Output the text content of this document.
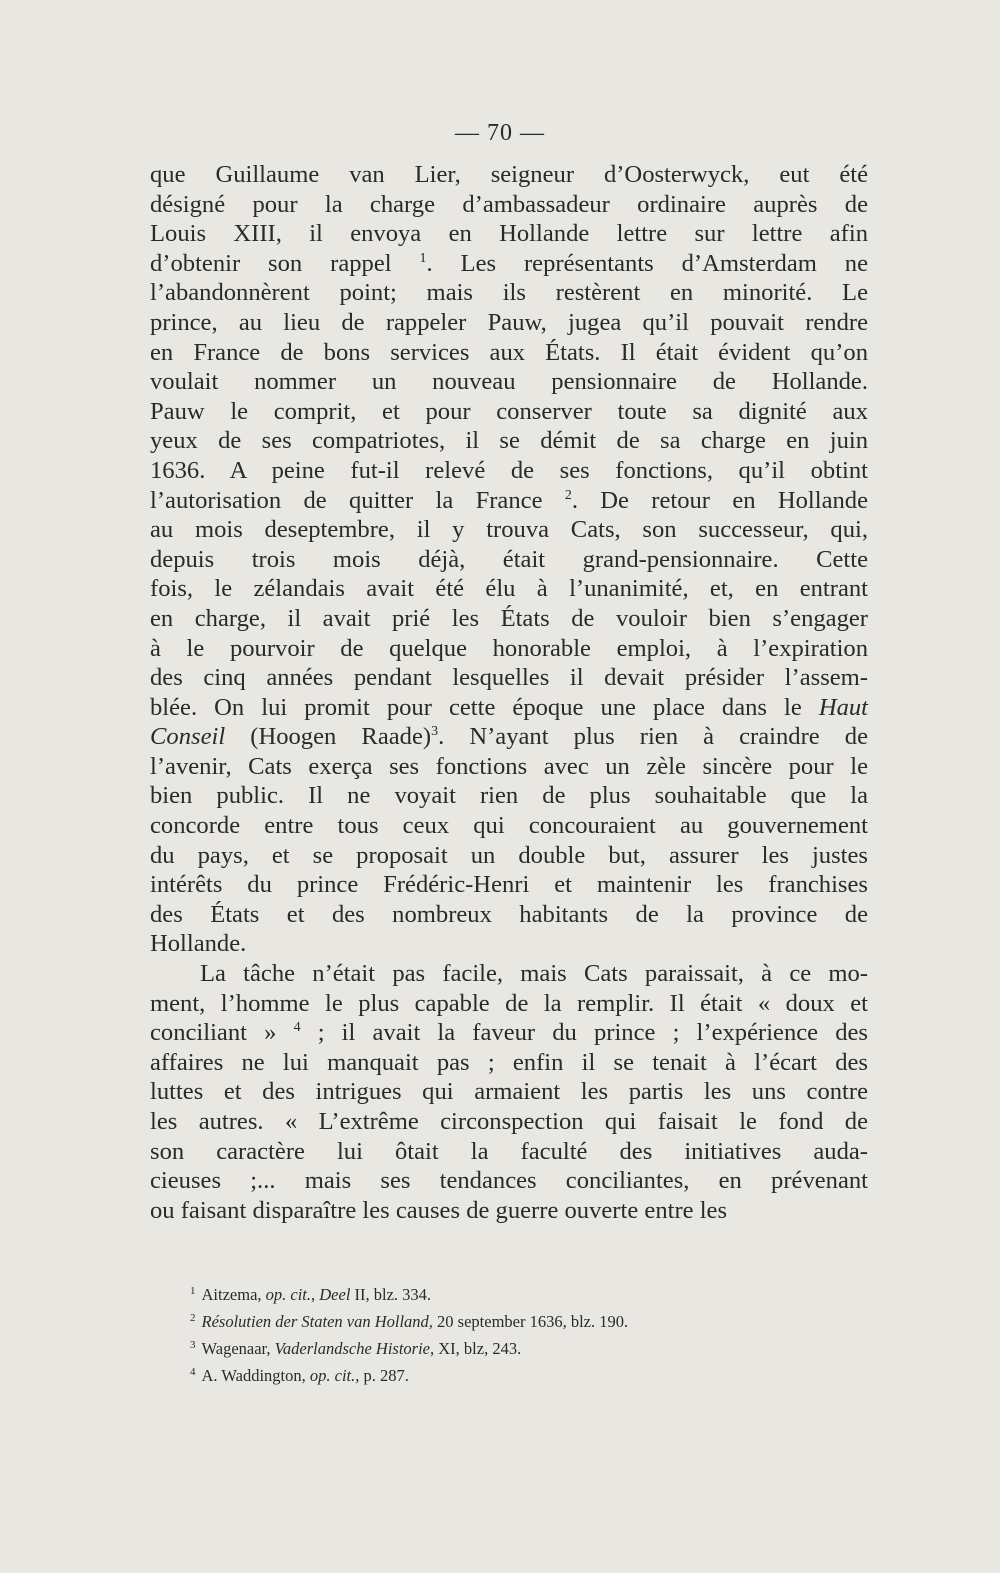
— 70 —
que Guillaume van Lier, seigneur d’Oosterwyck, eut été
désigné pour la charge d’ambassadeur ordinaire auprès de
Louis XIII, il envoya en Hollande lettre sur lettre afin
d’obtenir son rappel $^1$. Les représentants d’Amsterdam ne
l’abandonnèrent point; mais ils restèrent en minorité. Le
prince, au lieu de rappeler Pauw, jugea qu’il pouvait rendre
en France de bons services aux États. Il était évident qu’on
voulait nommer un nouveau pensionnaire de Hollande.
Pauw le comprit, et pour conserver toute sa dignité aux
yeux de ses compatriotes, il se démit de sa charge en juin
1636. A peine fut-il relevé de ses fonctions, qu’il obtint
l’autorisation de quitter la France $^2$. De retour en Hollande
au mois deseptembre, il y trouva Cats, son successeur, qui,
depuis trois mois déjà, était grand-pensionnaire. Cette
fois, le zélandais avait été élu à l’unanimité, et, en entrant
en charge, il avait prié les États de vouloir bien s’engager
à le pourvoir de quelque honorable emploi, à l’expiration
des cinq années pendant lesquelles il devait présider l’assem-
blée. On lui promit pour cette époque une place dans le Haut
Conseil (Hoogen Raade)$^3$. N’ayant plus rien à craindre de
l’avenir, Cats exerça ses fonctions avec un zèle sincère pour le
bien public. Il ne voyait rien de plus souhaitable que la
concorde entre tous ceux qui concouraient au gouvernement
du pays, et se proposait un double but, assurer les justes
intérêts du prince Frédéric-Henri et maintenir les franchises
des États et des nombreux habitants de la province de
Hollande.
La tâche n’était pas facile, mais Cats paraissait, à ce mo-
ment, l’homme le plus capable de la remplir. Il était « doux et
conciliant » $^4$ ; il avait la faveur du prince ; l’expérience des
affaires ne lui manquait pas ; enfin il se tenait à l’écart des
luttes et des intrigues qui armaient les partis les uns contre
les autres. « L’extrême circonspection qui faisait le fond de
son caractère lui ôtait la faculté des initiatives auda-
cieuses ;... mais ses tendances conciliantes, en prévenant
ou faisant disparaître les causes de guerre ouverte entre les
$^1$ Aitzema, op. cit., Deel II, blz. 334.
$^2$ Résolutien der Staten van Holland, 20 september 1636, blz. 190.
$^3$ Wagenaar, Vaderlandsche Historie, XI, blz, 243.
$^4$ A. Waddington, op. cit., p. 287.
